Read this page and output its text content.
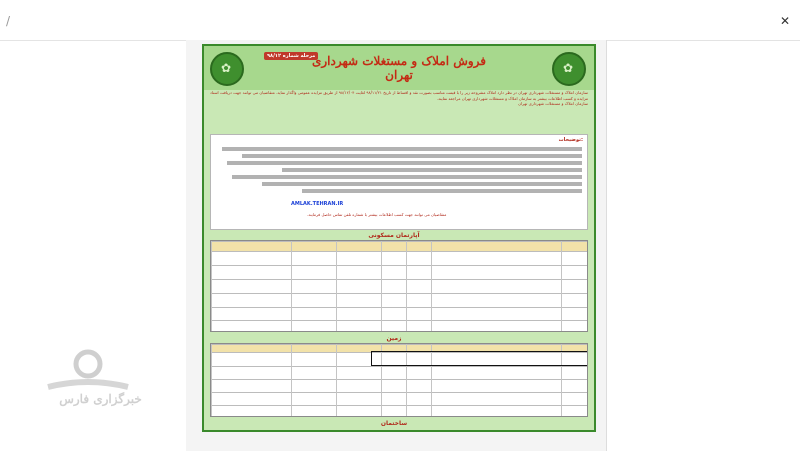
/	✕
✿	✿
مرحله شماره ۹۸/۱۲
فروش املاک و مستغلات شهرداری تهران
سازمان املاک و مستغلات شهرداری تهران در نظر دارد املاک مشروحه زیر را با قیمت مناسب بصورت نقد و اقساط از تاریخ ۹۸/۱۱/۲۱ لغایت ۹۸/۱۲/۰۴ از طریق مزایده عمومی واگذار نماید. متقاضیان می توانند جهت دریافت اسناد مزایده و کسب اطلاعات بیشتر به سازمان املاک و مستغلات شهرداری تهران مراجعه نمایند.
سازمان املاک و مستغلات شهرداری تهران
توضیحات:
AMLAK.TEHRAN.IR
متقاضیان می توانند جهت کسب اطلاعات بیشتر با شماره تلفن تماس حاصل فرمایند.
آپارتمان مسکونی
زمین
ساختمان
خبرگزاری فارس
